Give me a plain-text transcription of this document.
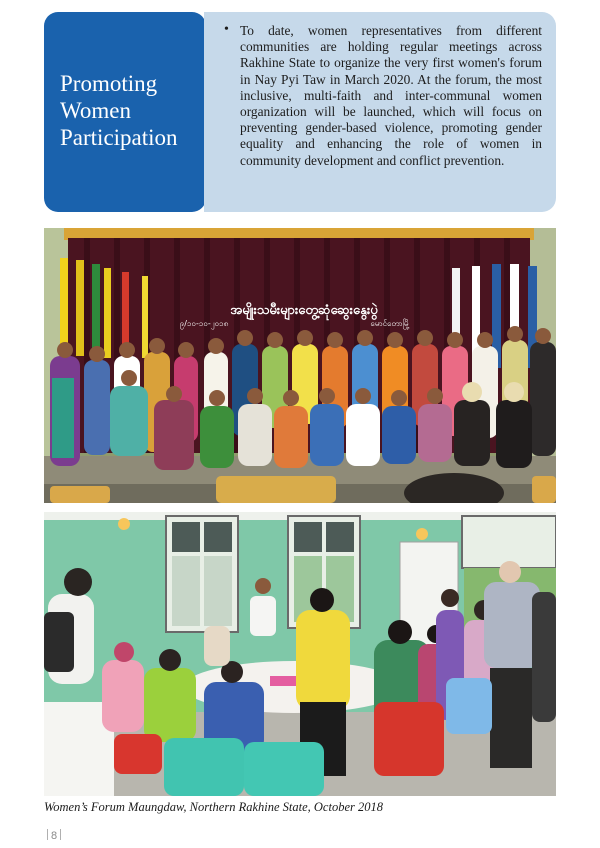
Promoting
Women
Participation
• To date, women representatives from different communities are holding regular meetings across Rakhine State to organize the very first women's forum in Nay Pyi Taw in March 2020. At the forum, the most inclusive, multi-faith and inter-communal women organization will be launched, which will focus on preventing gender-based violence, promoting gender equality and enhancing the role of women in community development and conflict prevention.

အမျိုးသမီးများတွေ့ဆုံဆွေးနွေးပွဲ
၉/၁၀-၁၀-၂၀၁၈	မောင်တောမြို့
Women’s Forum Maungdaw, Northern Rakhine State, October 2018
8
